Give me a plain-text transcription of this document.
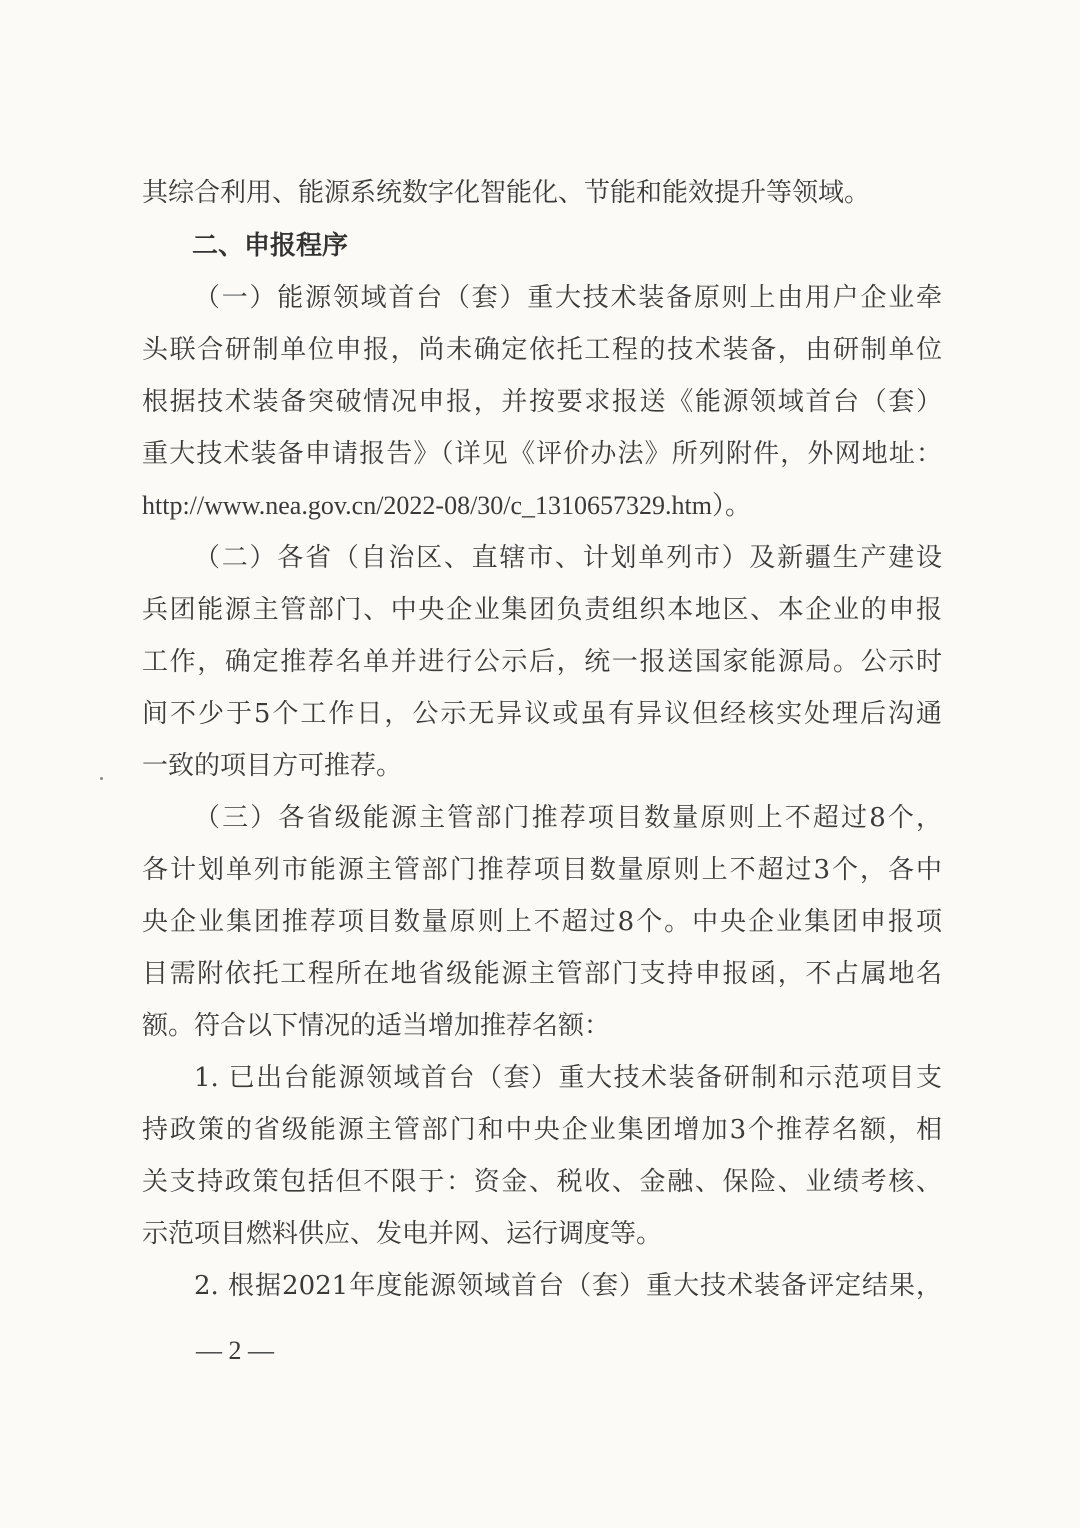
其综合利用、能源系统数字化智能化、节能和能效提升等领域。
二、申报程序
（一）能源领域首台（套）重大技术装备原则上由用户企业牵
头联合研制单位申报，尚未确定依托工程的技术装备，由研制单位
根据技术装备突破情况申报，并按要求报送《能源领域首台（套）
重大技术装备申请报告》（详见《评价办法》所列附件，外网地址：
http://www.nea.gov.cn/2022-08/30/c_1310657329.htm）。
（二）各省（自治区、直辖市、计划单列市）及新疆生产建设
兵团能源主管部门、中央企业集团负责组织本地区、本企业的申报
工作，确定推荐名单并进行公示后，统一报送国家能源局。公示时
间不少于5个工作日，公示无异议或虽有异议但经核实处理后沟通
一致的项目方可推荐。
（三）各省级能源主管部门推荐项目数量原则上不超过8个，
各计划单列市能源主管部门推荐项目数量原则上不超过3个，各中
央企业集团推荐项目数量原则上不超过8个。中央企业集团申报项
目需附依托工程所在地省级能源主管部门支持申报函，不占属地名
额。符合以下情况的适当增加推荐名额：
1. 已出台能源领域首台（套）重大技术装备研制和示范项目支
持政策的省级能源主管部门和中央企业集团增加3个推荐名额，相
关支持政策包括但不限于：资金、税收、金融、保险、业绩考核、
示范项目燃料供应、发电并网、运行调度等。
2. 根据2021年度能源领域首台（套）重大技术装备评定结果，
— 2 —
